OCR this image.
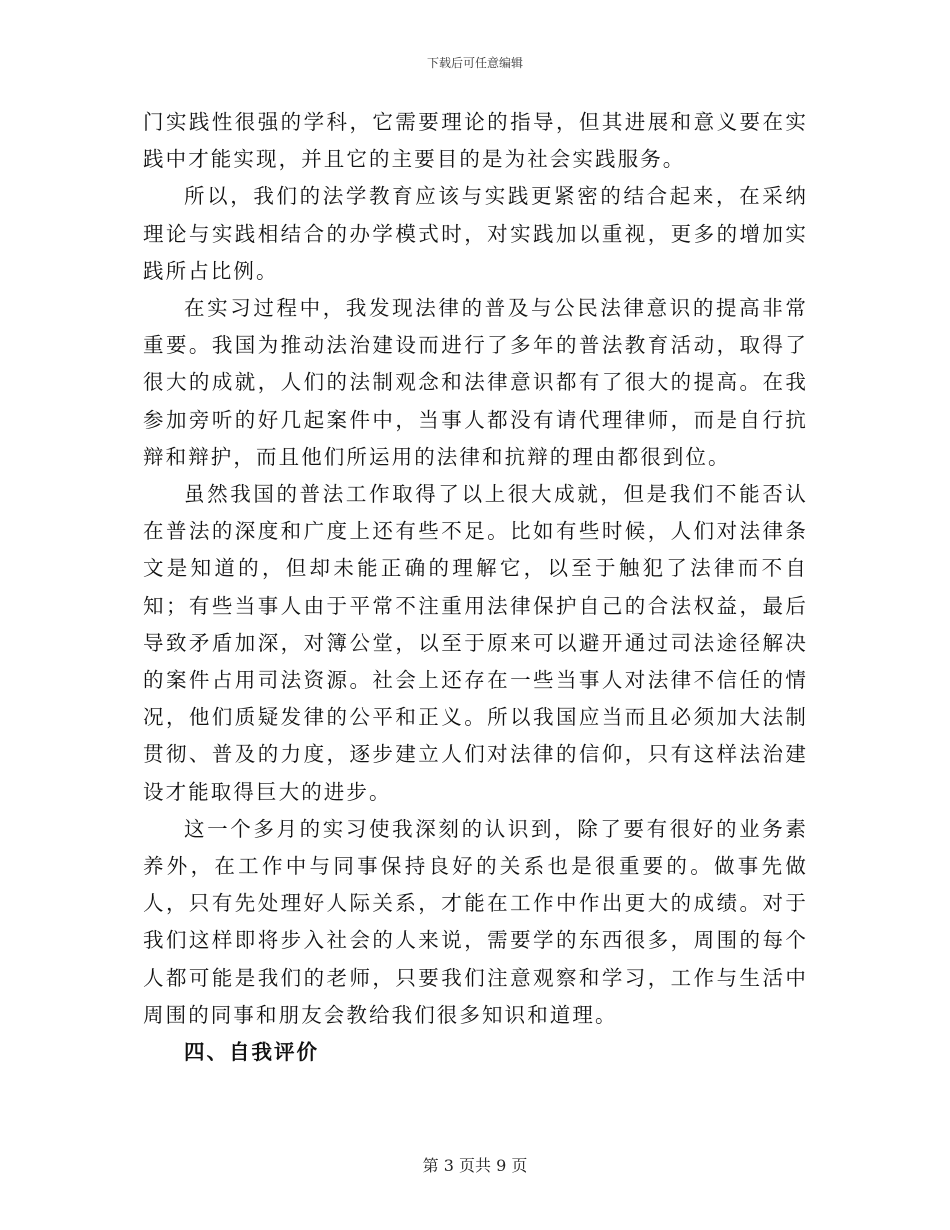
下载后可任意编辑

门实践性很强的学科，它需要理论的指导，但其进展和意义要在实践中才能实现，并且它的主要目的是为社会实践服务。

所以，我们的法学教育应该与实践更紧密的结合起来，在采纳理论与实践相结合的办学模式时，对实践加以重视，更多的增加实践所占比例。

在实习过程中，我发现法律的普及与公民法律意识的提高非常重要。我国为推动法治建设而进行了多年的普法教育活动，取得了很大的成就，人们的法制观念和法律意识都有了很大的提高。在我参加旁听的好几起案件中，当事人都没有请代理律师，而是自行抗辩和辩护，而且他们所运用的法律和抗辩的理由都很到位。

虽然我国的普法工作取得了以上很大成就，但是我们不能否认在普法的深度和广度上还有些不足。比如有些时候，人们对法律条文是知道的，但却未能正确的理解它，以至于触犯了法律而不自知；有些当事人由于平常不注重用法律保护自己的合法权益，最后导致矛盾加深，对簿公堂，以至于原来可以避开通过司法途径解决的案件占用司法资源。社会上还存在一些当事人对法律不信任的情况，他们质疑发律的公平和正义。所以我国应当而且必须加大法制贯彻、普及的力度，逐步建立人们对法律的信仰，只有这样法治建设才能取得巨大的进步。

这一个多月的实习使我深刻的认识到，除了要有很好的业务素养外，在工作中与同事保持良好的关系也是很重要的。做事先做人，只有先处理好人际关系，才能在工作中作出更大的成绩。对于我们这样即将步入社会的人来说，需要学的东西很多，周围的每个人都可能是我们的老师，只要我们注意观察和学习，工作与生活中周围的同事和朋友会教给我们很多知识和道理。

四、自我评价

第 3 页共 9 页
